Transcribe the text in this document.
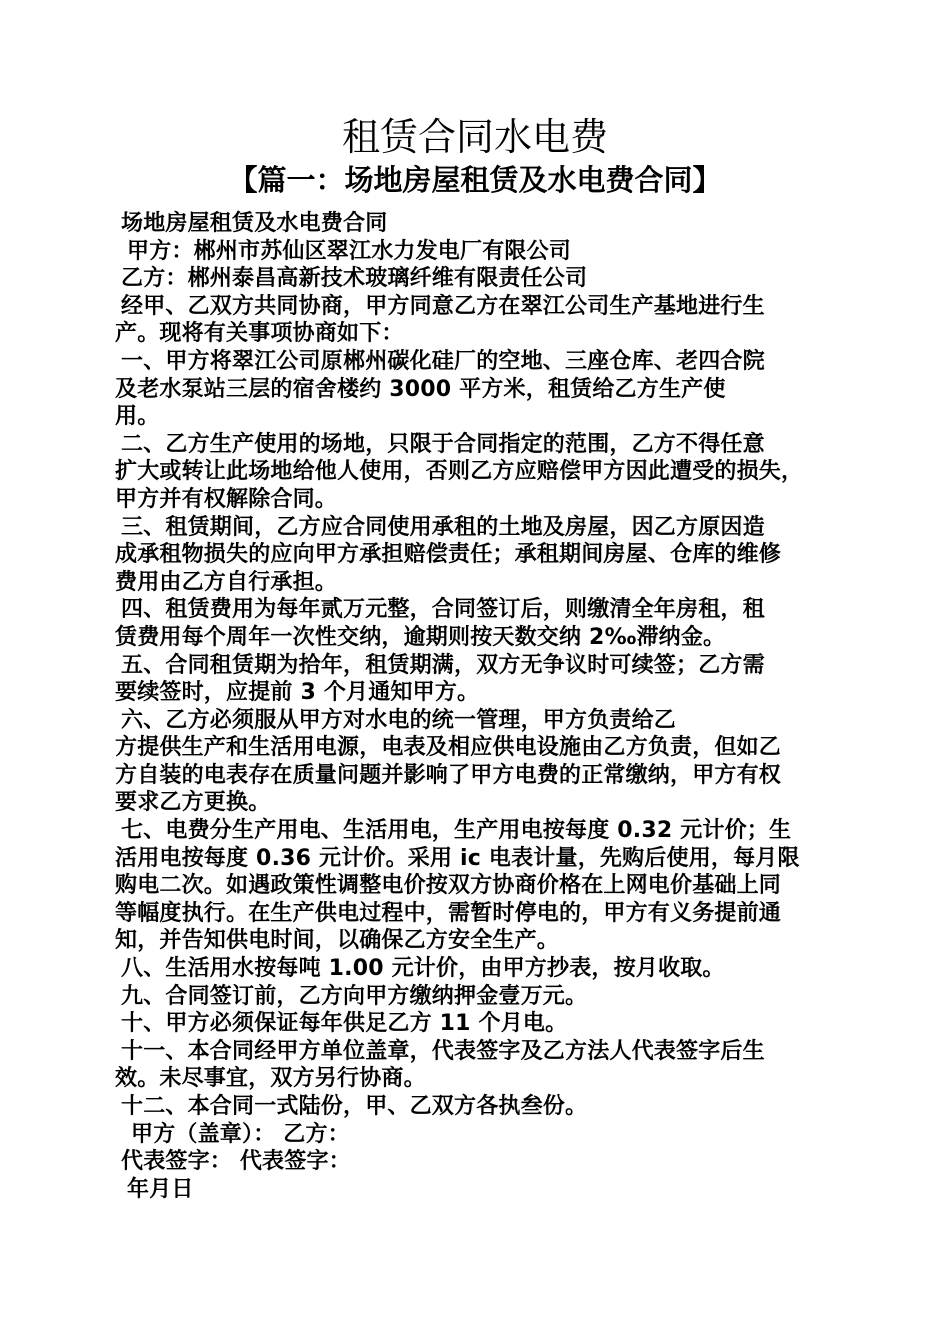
租赁合同水电费
【篇一：场地房屋租赁及水电费合同】
场地房屋租赁及水电费合同
甲方：郴州市苏仙区翠江水力发电厂有限公司
乙方：郴州泰昌高新技术玻璃纤维有限责任公司
经甲、乙双方共同协商，甲方同意乙方在翠江公司生产基地进行生
产。现将有关事项协商如下：
一、甲方将翠江公司原郴州碳化硅厂的空地、三座仓库、老四合院
及老水泵站三层的宿舍楼约 3000 平方米，租赁给乙方生产使
用。
二、乙方生产使用的场地，只限于合同指定的范围，乙方不得任意
扩大或转让此场地给他人使用，否则乙方应赔偿甲方因此遭受的损失，
甲方并有权解除合同。
三、租赁期间，乙方应合同使用承租的土地及房屋，因乙方原因造
成承租物损失的应向甲方承担赔偿责任；承租期间房屋、仓库的维修
费用由乙方自行承担。
四、租赁费用为每年贰万元整，合同签订后，则缴清全年房租，租
赁费用每个周年一次性交纳，逾期则按天数交纳 2‰滞纳金。
五、合同租赁期为拾年，租赁期满，双方无争议时可续签；乙方需
要续签时，应提前 3 个月通知甲方。
六、乙方必须服从甲方对水电的统一管理，甲方负责给乙
方提供生产和生活用电源，电表及相应供电设施由乙方负责，但如乙
方自装的电表存在质量问题并影响了甲方电费的正常缴纳，甲方有权
要求乙方更换。
七、电费分生产用电、生活用电，生产用电按每度 0.32 元计价；生
活用电按每度 0.36 元计价。采用 ic 电表计量，先购后使用，每月限
购电二次。如遇政策性调整电价按双方协商价格在上网电价基础上同
等幅度执行。在生产供电过程中，需暂时停电的，甲方有义务提前通
知，并告知供电时间，以确保乙方安全生产。
八、生活用水按每吨 1.00 元计价，由甲方抄表，按月收取。
九、合同签订前，乙方向甲方缴纳押金壹万元。
十、甲方必须保证每年供足乙方 11 个月电。
十一、本合同经甲方单位盖章，代表签字及乙方法人代表签字后生
效。未尽事宜，双方另行协商。
十二、本合同一式陆份，甲、乙双方各执叁份。
甲方（盖章）： 乙方：
代表签字： 代表签字：
年月日
